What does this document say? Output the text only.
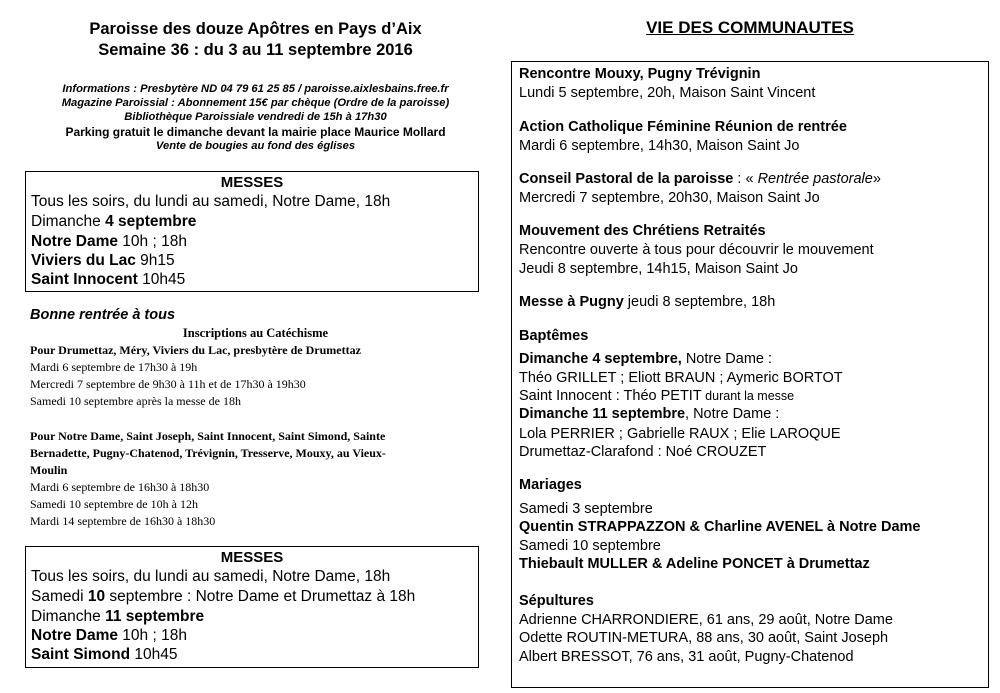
Paroisse des douze Apôtres en Pays d’Aix
Semaine 36 : du 3 au 11 septembre 2016
Informations : Presbytère ND 04 79 61 25 85 / paroisse.aixlesbains.free.fr
Magazine Paroissial : Abonnement 15€ par chèque (Ordre de la paroisse)
Bibliothèque Paroissiale vendredi de 15h à 17h30
Parking gratuit le dimanche devant la mairie place Maurice Mollard
Vente de bougies au fond des églises
MESSES
Tous les soirs, du lundi au samedi, Notre Dame, 18h
Dimanche 4 septembre
Notre Dame 10h ; 18h
Viviers du Lac 9h15
Saint Innocent 10h45
Bonne rentrée à tous
Inscriptions au Catéchisme
Pour Drumettaz, Méry, Viviers du Lac, presbytère de Drumettaz
Mardi 6 septembre de 17h30 à 19h
Mercredi 7 septembre de 9h30 à 11h et de 17h30 à 19h30
Samedi 10 septembre après la messe de 18h
Pour Notre Dame, Saint Joseph, Saint Innocent, Saint Simond, Sainte
Bernadette, Pugny-Chatenod, Trévignin, Tresserve, Mouxy, au Vieux-
Moulin
Mardi 6 septembre de 16h30 à 18h30
Samedi 10 septembre de 10h à 12h
Mardi 14 septembre de 16h30 à 18h30
MESSES
Tous les soirs, du lundi au samedi, Notre Dame, 18h
Samedi 10 septembre : Notre Dame et Drumettaz à 18h
Dimanche 11 septembre
Notre Dame 10h ; 18h
Saint Simond 10h45
VIE DES COMMUNAUTES
Rencontre Mouxy, Pugny Trévignin
Lundi 5 septembre, 20h, Maison Saint Vincent
Action Catholique Féminine Réunion de rentrée
Mardi 6 septembre, 14h30, Maison Saint Jo
Conseil Pastoral de la paroisse : « Rentrée pastorale»
Mercredi 7 septembre, 20h30, Maison Saint Jo
Mouvement des Chrétiens Retraités
Rencontre ouverte à tous pour découvrir le mouvement
Jeudi 8 septembre, 14h15, Maison Saint Jo
Messe à Pugny jeudi 8 septembre, 18h
Baptêmes
Dimanche 4 septembre, Notre Dame :
Théo GRILLET ; Eliott BRAUN ; Aymeric BORTOT
Saint Innocent : Théo PETIT durant la messe
Dimanche 11 septembre, Notre Dame :
Lola PERRIER ; Gabrielle RAUX ; Elie LAROQUE
Drumettaz-Clarafond : Noé CROUZET
Mariages
Samedi 3 septembre
Quentin STRAPPAZZON & Charline AVENEL à Notre Dame
Samedi 10 septembre
Thiebault MULLER & Adeline PONCET à Drumettaz
Sépultures
Adrienne CHARRONDIERE, 61 ans, 29 août, Notre Dame
Odette ROUTIN-METURA, 88 ans, 30 août, Saint Joseph
Albert BRESSOT, 76 ans, 31 août, Pugny-Chatenod
